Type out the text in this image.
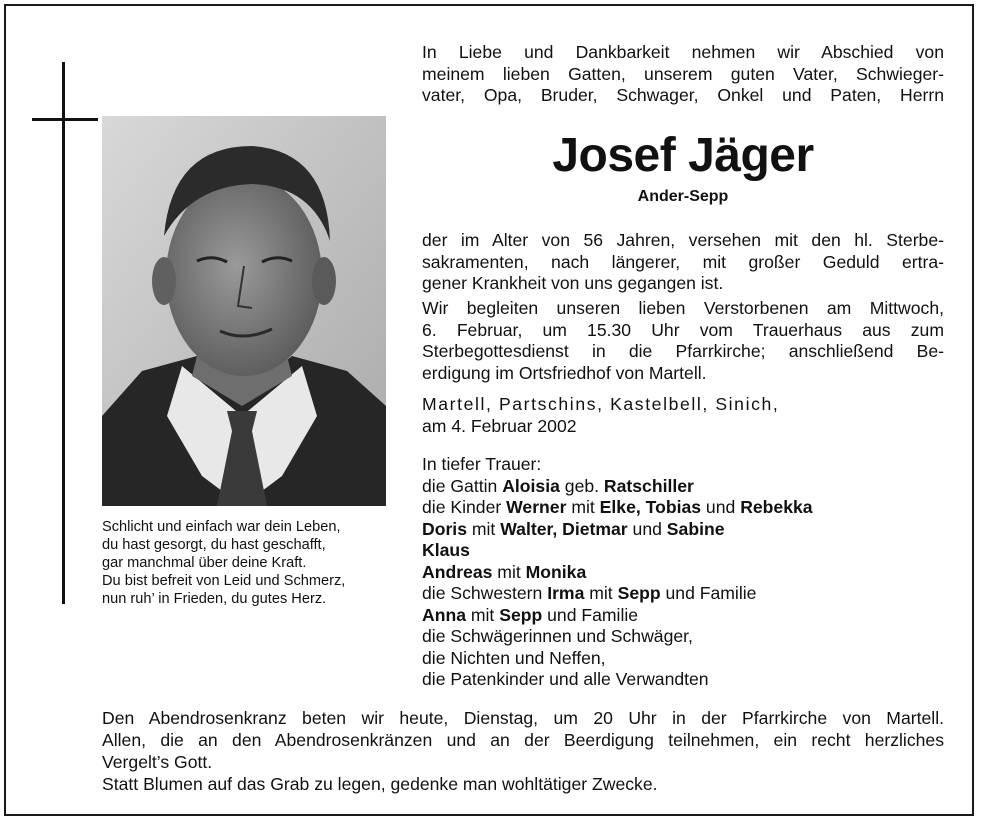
Schlicht und einfach war dein Leben,
du hast gesorgt, du hast geschafft,
gar manchmal über deine Kraft.
Du bist befreit von Leid und Schmerz,
nun ruh’ in Frieden, du gutes Herz.
In Liebe und Dankbarkeit nehmen wir Abschied von
meinem lieben Gatten, unserem guten Vater, Schwieger-
vater, Opa, Bruder, Schwager, Onkel und Paten, Herrn
Josef Jäger
Ander-Sepp
der im Alter von 56 Jahren, versehen mit den hl. Sterbe-
sakramenten, nach längerer, mit großer Geduld ertra-
gener Krankheit von uns gegangen ist.
Wir begleiten unseren lieben Verstorbenen am Mittwoch,
6. Februar, um 15.30 Uhr vom Trauerhaus aus zum
Sterbegottesdienst in die Pfarrkirche; anschließend Be-
erdigung im Ortsfriedhof von Martell.
Martell, Partschins, Kastelbell, Sinich,
am 4. Februar 2002
In tiefer Trauer:
die Gattin Aloisia geb. Ratschiller
die Kinder Werner mit Elke, Tobias und Rebekka
Doris mit Walter, Dietmar und Sabine
Klaus
Andreas mit Monika
die Schwestern Irma mit Sepp und Familie
Anna mit Sepp und Familie
die Schwägerinnen und Schwäger,
die Nichten und Neffen,
die Patenkinder und alle Verwandten
Den Abendrosenkranz beten wir heute, Dienstag, um 20 Uhr in der Pfarrkirche von Martell.
Allen, die an den Abendrosenkränzen und an der Beerdigung teilnehmen, ein recht herzliches
Vergelt’s Gott.
Statt Blumen auf das Grab zu legen, gedenke man wohltätiger Zwecke.
